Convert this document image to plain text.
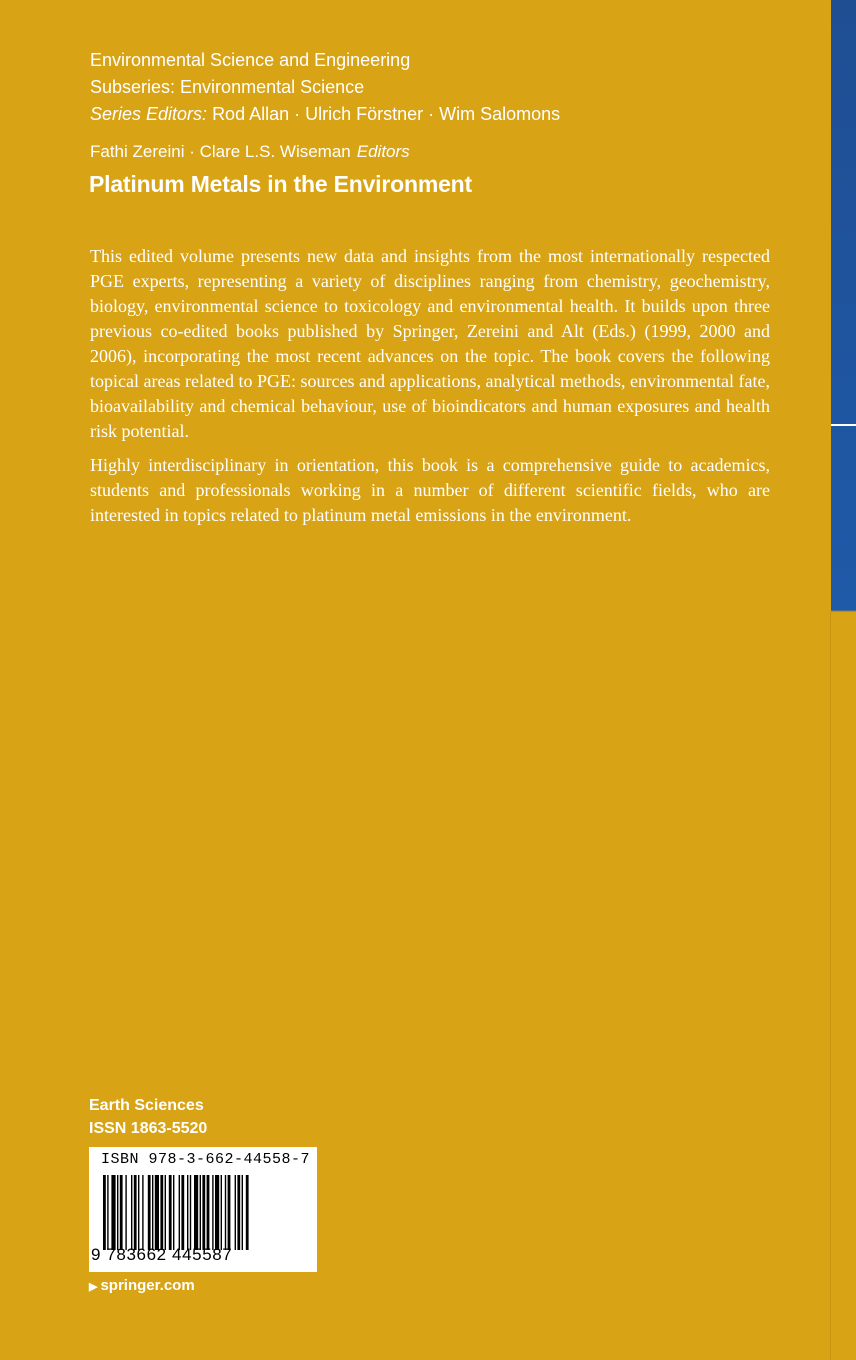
Environmental Science and Engineering
Subseries: Environmental Science
Series Editors: Rod Allan · Ulrich Förstner · Wim Salomons
Fathi Zereini · Clare L.S. Wiseman Editors
Platinum Metals in the Environment

This edited volume presents new data and insights from the most internationally respected PGE experts, representing a variety of disciplines ranging from chemistry, geochemistry, biology, environmental science to toxicology and environmental health. It builds upon three previous co-edited books published by Springer, Zereini and Alt (Eds.) (1999, 2000 and 2006), incorporating the most recent advances on the topic. The book covers the following topical areas related to PGE: sources and applications, analytical methods, environmental fate, bioavailability and chemical behaviour, use of bioindicators and human exposures and health risk potential.

Highly interdisciplinary in orientation, this book is a comprehensive guide to academics, students and professionals working in a number of different scientific fields, who are interested in topics related to platinum metal emissions in the environment.

Earth Sciences
ISSN 1863-5520
ISBN 978-3-662-44558-7
9 783662 445587
▶ springer.com
